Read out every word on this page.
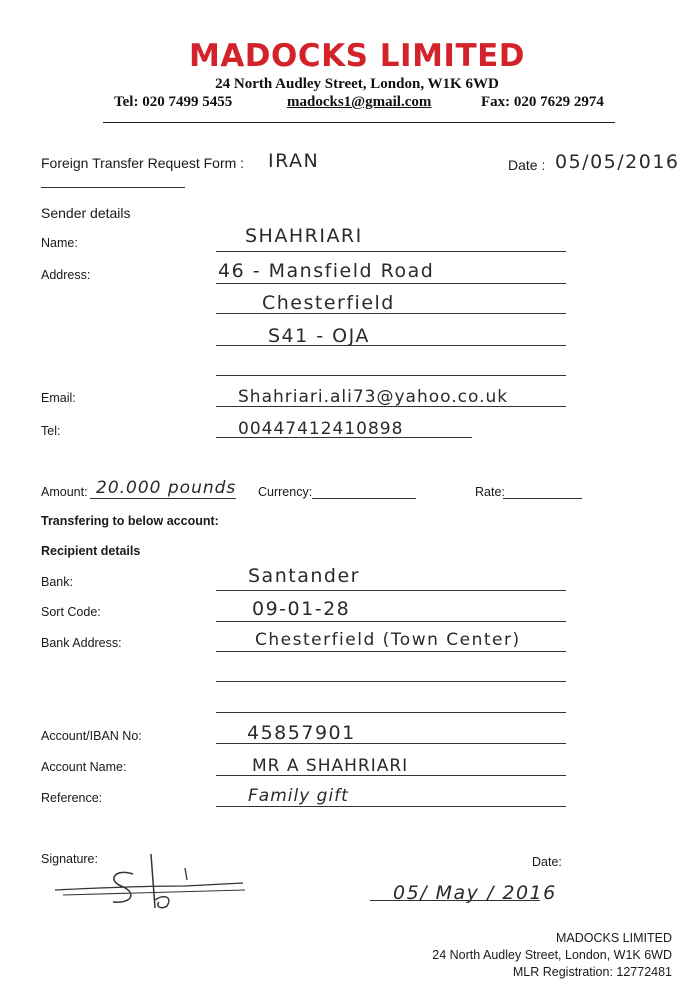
MADOCKS LIMITED
24 North Audley Street, London, W1K 6WD
Tel: 020 7499 5455	madocks1@gmail.com	Fax: 020 7629 2974
Foreign Transfer Request Form : IRAN	Date : 05/05/2016
Sender details
Name:	SHAHRIARI
Address:	46 - Mansfield Road
Chesterfield
S41 - OJA
Email:	Shahriari.ali73@yahoo.co.uk
Tel:	00447412410898
Amount: 20.000 pounds Currency:	Rate:
Transfering to below account:
Recipient details
Bank:	Santander
Sort Code:	09-01-28
Bank Address:	Chesterfield (Town Center)
Account/IBAN No:	45857901
Account Name:	MR A SHAHRIARI
Reference:	Family gift
Signature:	Date:
05/ May / 2016
MADOCKS LIMITED
24 North Audley Street, London, W1K 6WD
MLR Registration: 12772481
